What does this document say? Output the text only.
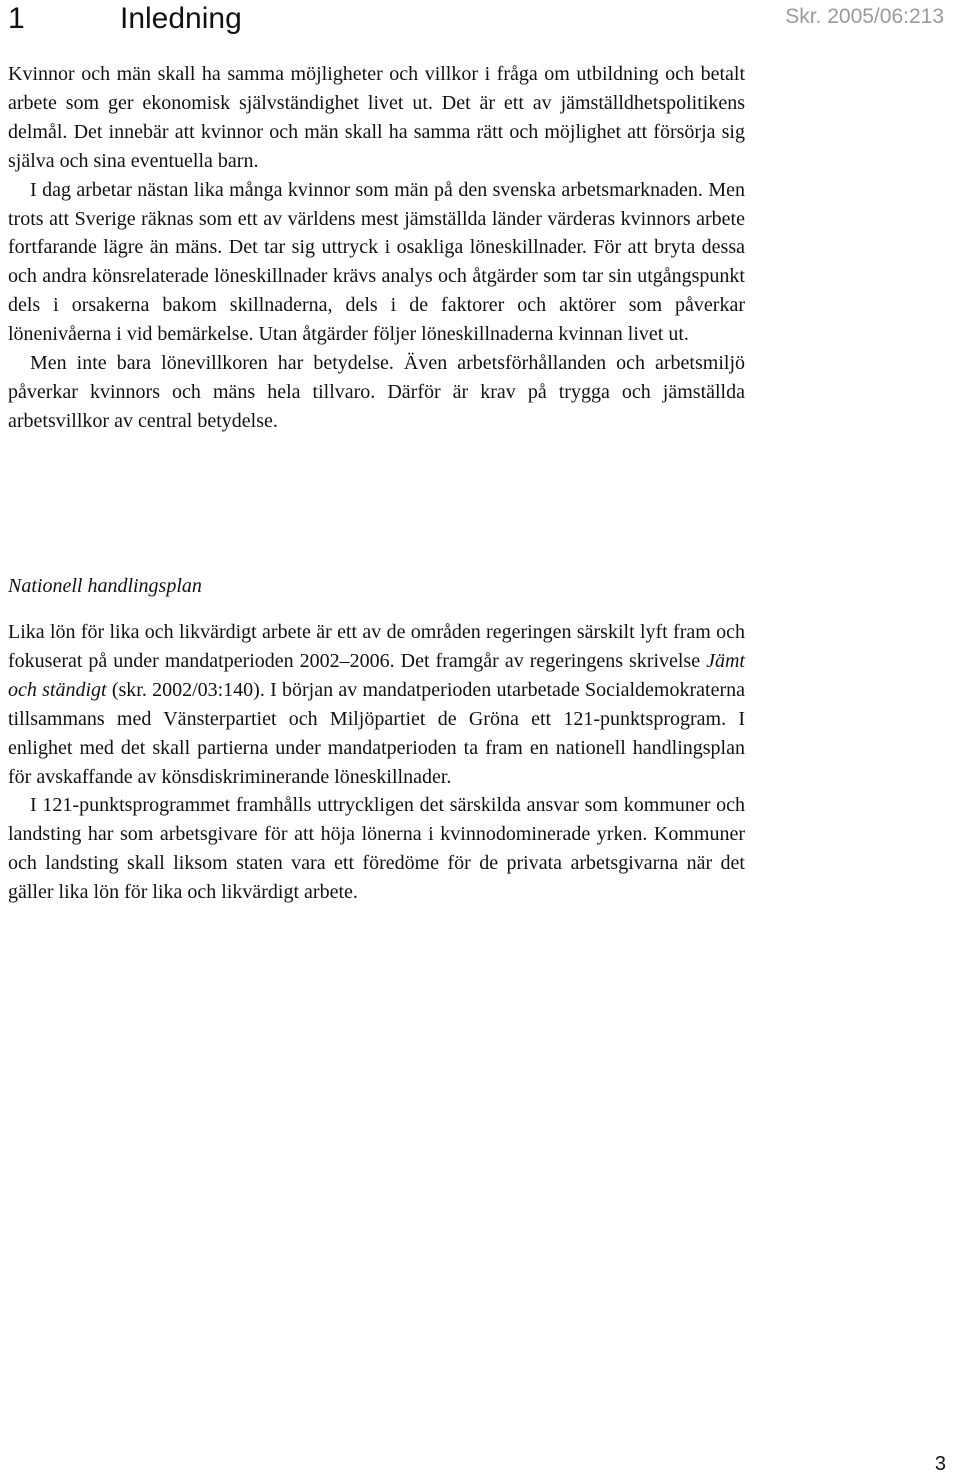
Skr. 2005/06:213
1	Inledning

Kvinnor och män skall ha samma möjligheter och villkor i fråga om utbildning och betalt arbete som ger ekonomisk självständighet livet ut. Det är ett av jämställdhetspolitikens delmål. Det innebär att kvinnor och män skall ha samma rätt och möjlighet att försörja sig själva och sina eventuella barn.

I dag arbetar nästan lika många kvinnor som män på den svenska arbetsmarknaden. Men trots att Sverige räknas som ett av världens mest jämställda länder värderas kvinnors arbete fortfarande lägre än mäns. Det tar sig uttryck i osakliga löneskillnader. För att bryta dessa och andra könsrelaterade löneskillnader krävs analys och åtgärder som tar sin utgångspunkt dels i orsakerna bakom skillnaderna, dels i de faktorer och aktörer som påverkar lönenivåerna i vid bemärkelse. Utan åtgärder följer löneskillnaderna kvinnan livet ut.

Men inte bara lönevillkoren har betydelse. Även arbetsförhållanden och arbetsmiljö påverkar kvinnors och mäns hela tillvaro. Därför är krav på trygga och jämställda arbetsvillkor av central betydelse.

Nationell handlingsplan

Lika lön för lika och likvärdigt arbete är ett av de områden regeringen särskilt lyft fram och fokuserat på under mandatperioden 2002–2006. Det framgår av regeringens skrivelse Jämt och ständigt (skr. 2002/03:140). I början av mandatperioden utarbetade Socialdemokraterna tillsammans med Vänsterpartiet och Miljöpartiet de Gröna ett 121-punktsprogram. I enlighet med det skall partierna under mandatperioden ta fram en nationell handlingsplan för avskaffande av könsdiskriminerande löneskillnader.

I 121-punktsprogrammet framhålls uttryckligen det särskilda ansvar som kommuner och landsting har som arbetsgivare för att höja lönerna i kvinnodominerade yrken. Kommuner och landsting skall liksom staten vara ett föredöme för de privata arbetsgivarna när det gäller lika lön för lika och likvärdigt arbete.

3
